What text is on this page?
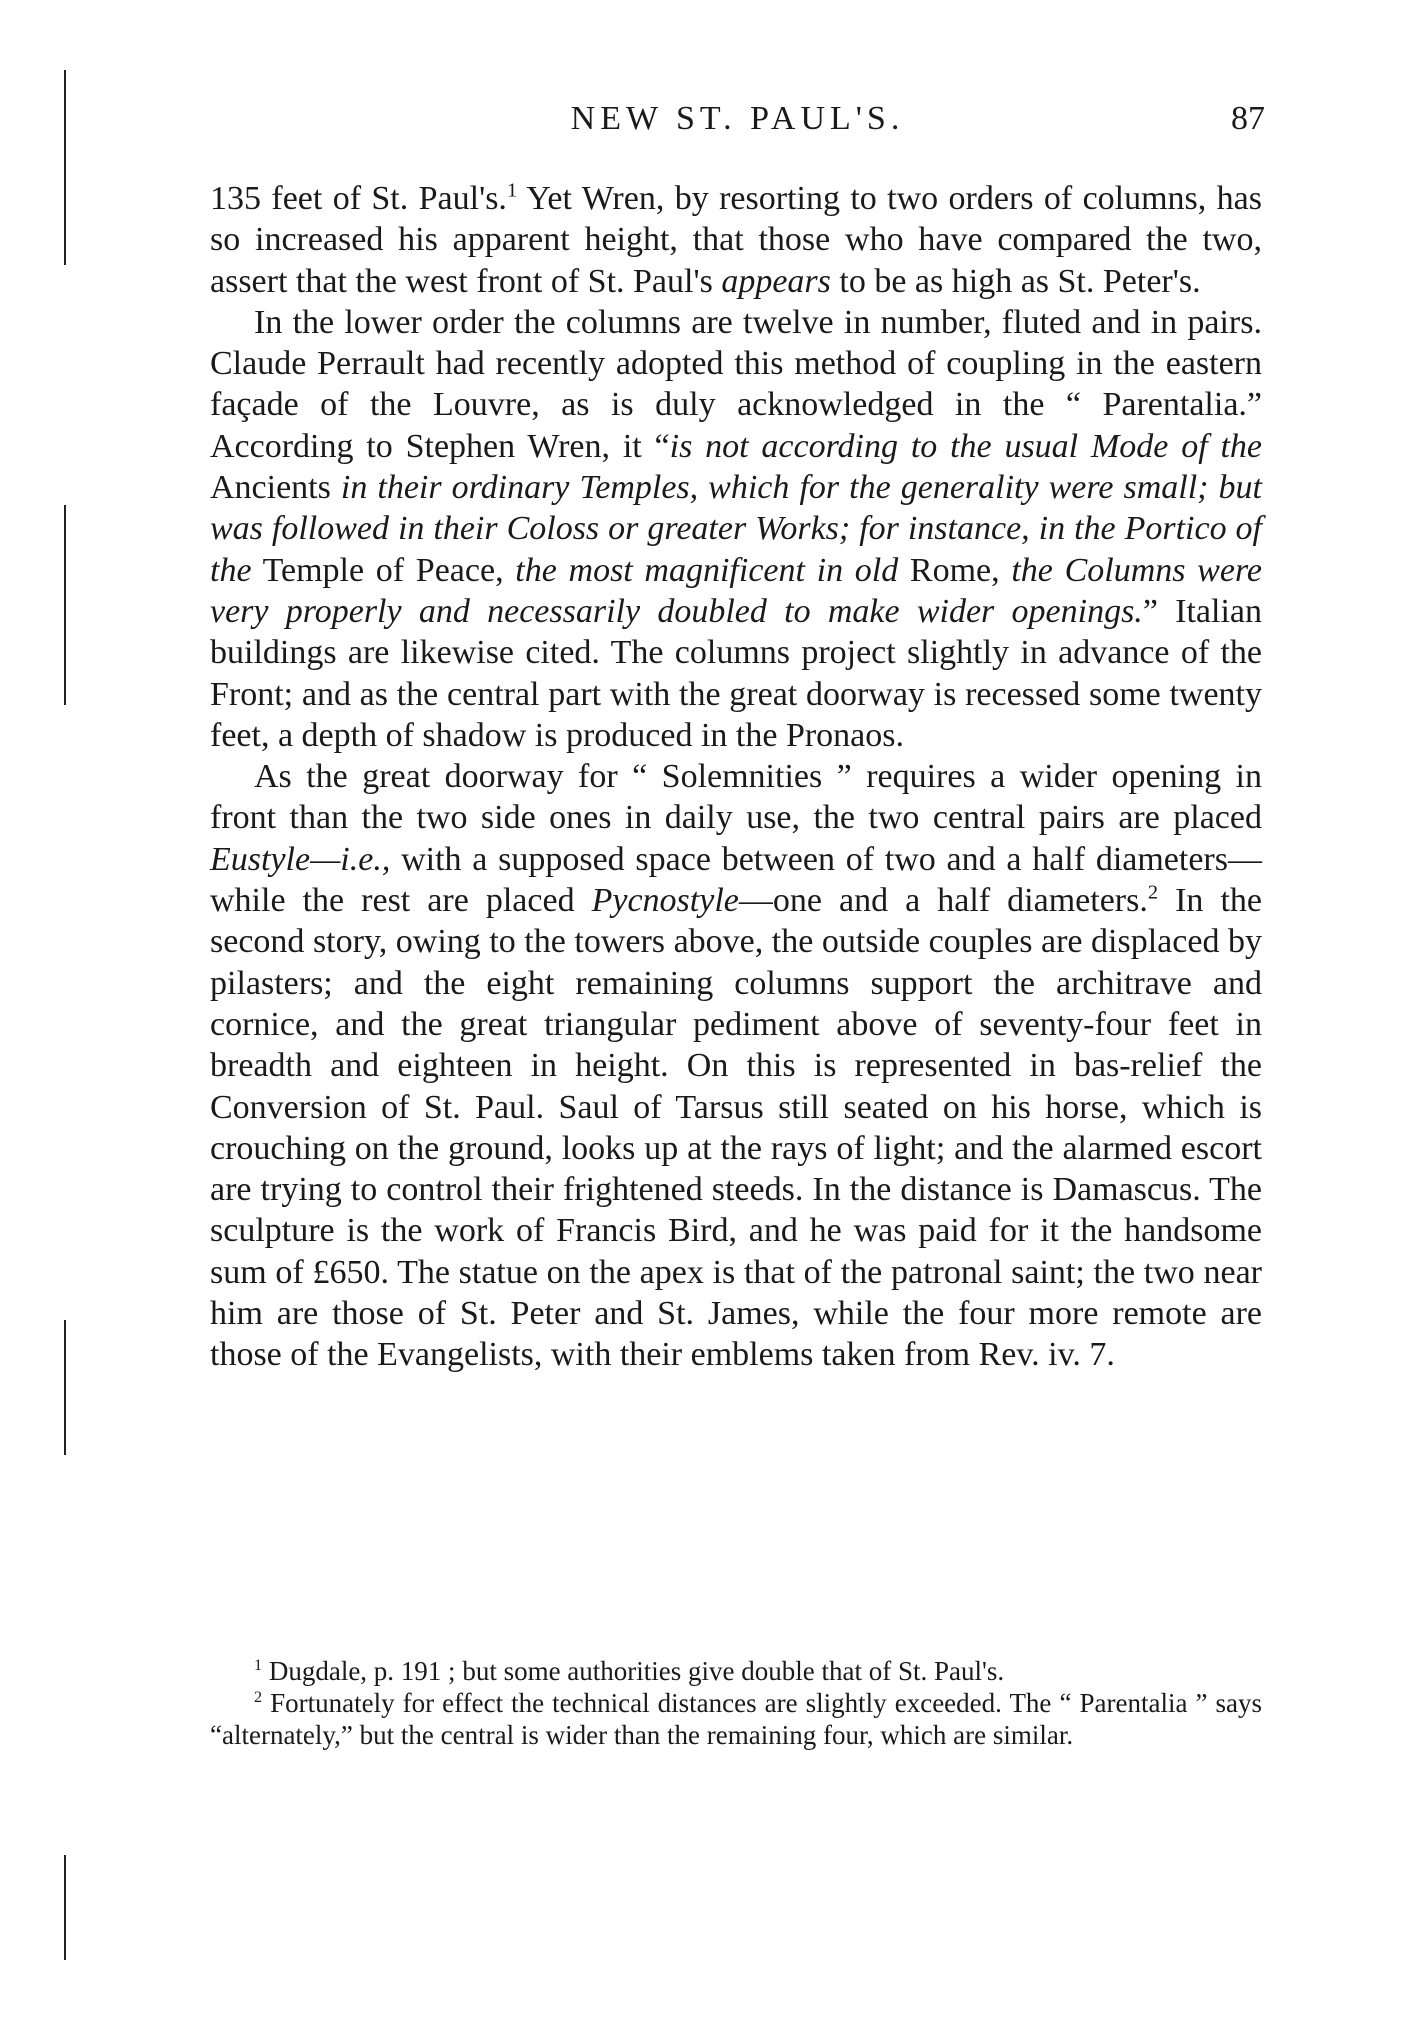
NEW ST. PAUL'S.	87

135 feet of St. Paul's.$^1$ Yet Wren, by resorting to two orders of columns, has so increased his apparent height, that those who have compared the two, assert that the west front of St. Paul's appears to be as high as St. Peter's.

In the lower order the columns are twelve in number, fluted and in pairs. Claude Perrault had recently adopted this method of coupling in the eastern façade of the Louvre, as is duly acknowledged in the “ Parentalia.” According to Stephen Wren, it “is not according to the usual Mode of the Ancients in their ordinary Temples, which for the generality were small; but was followed in their Coloss or greater Works; for instance, in the Portico of the Temple of Peace, the most magnificent in old Rome, the Columns were very properly and necessarily doubled to make wider openings.” Italian buildings are likewise cited. The columns project slightly in advance of the Front; and as the central part with the great doorway is recessed some twenty feet, a depth of shadow is produced in the Pronaos.

As the great doorway for “ Solemnities ” requires a wider opening in front than the two side ones in daily use, the two central pairs are placed Eustyle—i.e., with a supposed space between of two and a half diameters—while the rest are placed Pycnostyle—one and a half diameters.$^2$ In the second story, owing to the towers above, the outside couples are displaced by pilasters; and the eight remaining columns support the architrave and cornice, and the great triangular pediment above of seventy-four feet in breadth and eighteen in height. On this is represented in bas-relief the Conversion of St. Paul. Saul of Tarsus still seated on his horse, which is crouching on the ground, looks up at the rays of light; and the alarmed escort are trying to control their frightened steeds. In the distance is Damascus. The sculpture is the work of Francis Bird, and he was paid for it the handsome sum of £650. The statue on the apex is that of the patronal saint; the two near him are those of St. Peter and St. James, while the four more remote are those of the Evangelists, with their emblems taken from Rev. iv. 7.

$^1$ Dugdale, p. 191 ; but some authorities give double that of St. Paul's.

$^2$ Fortunately for effect the technical distances are slightly exceeded. The “ Parentalia ” says “alternately,” but the central is wider than the remaining four, which are similar.
